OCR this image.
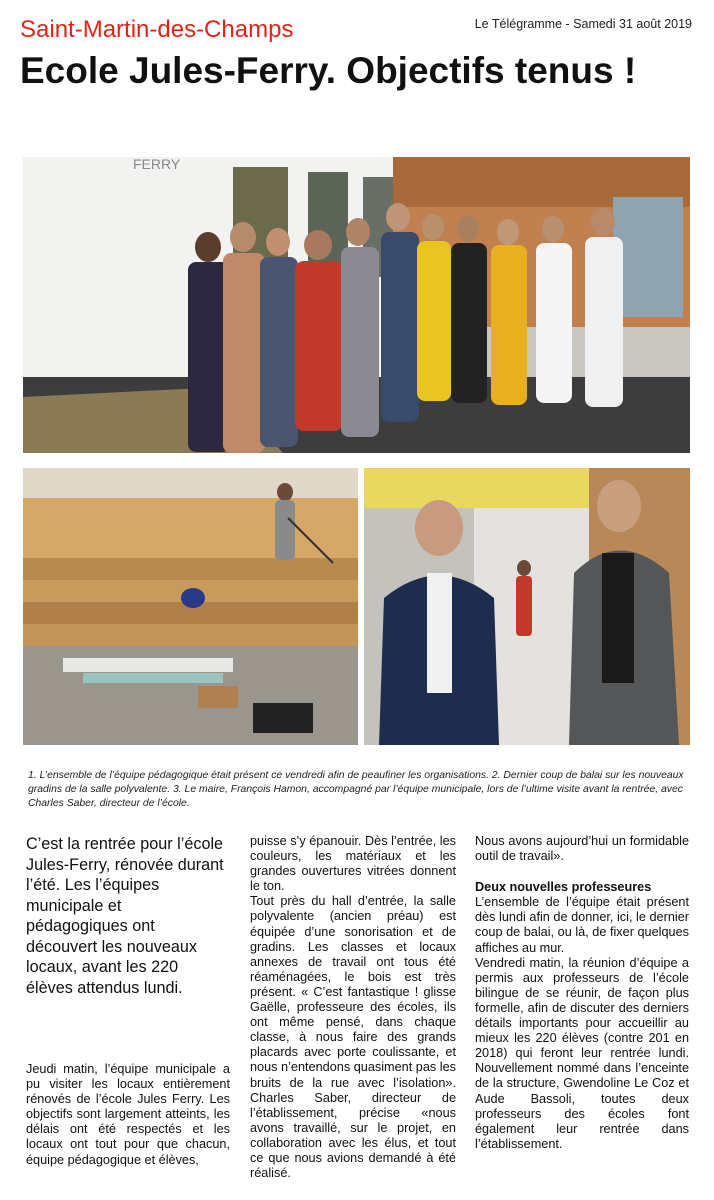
Saint-Martin-des-Champs	Le Télégramme - Samedi 31 août 2019
Ecole Jules-Ferry. Objectifs tenus !
FERRY

1. L’ensemble de l’équipe pédagogique était présent ce vendredi afin de peaufiner les organisations. 2. Dernier coup de balai sur les nouveaux gradins de la salle polyvalente. 3. Le maire, François Hamon, accompagné par l’équipe municipale, lors de l’ultime visite avant la rentrée, avec Charles Saber, directeur de l’école.

C’est la rentrée pour l’école Jules-Ferry, rénovée durant l’été. Les l’équipes municipale et pédagogiques ont découvert les nouveaux locaux, avant les 220 élèves attendus lundi.

Jeudi matin, l’équipe municipale a pu visiter les locaux entièrement rénovés de l’école Jules Ferry. Les objectifs sont largement atteints, les délais ont été respectés et les locaux ont tout pour que chacun, équipe pédagogique et élèves,

puisse s’y épanouir. Dès l’entrée, les couleurs, les matériaux et les grandes ouvertures vitrées donnent le ton.

Tout près du hall d’entrée, la salle polyvalente (ancien préau) est équipée d’une sonorisation et de gradins. Les classes et locaux annexes de travail ont tous été réaménagées, le bois est très présent. « C’est fantastique ! glisse Gaëlle, professeure des écoles, ils ont même pensé, dans chaque classe, à nous faire des grands placards avec porte coulissante, et nous n’entendons quasiment pas les bruits de la rue avec l’isolation». Charles Saber, directeur de l’établissement, précise «nous avons travaillé, sur le projet, en collaboration avec les élus, et tout ce que nous avions demandé à été réalisé.

Nous avons aujourd’hui un formidable outil de travail».

Deux nouvelles professeures

L’ensemble de l’équipe était présent dès lundi afin de donner, ici, le dernier coup de balai, ou là, de fixer quelques affiches au mur.

Vendredi matin, la réunion d’équipe a permis aux professeurs de l’école bilingue de se réunir, de façon plus formelle, afin de discuter des derniers détails importants pour accueillir au mieux les 220 élèves (contre 201 en 2018) qui feront leur rentrée lundi. Nouvellement nommé dans l’enceinte de la structure, Gwendoline Le Coz et Aude Bassoli, toutes deux professeurs des écoles font également leur rentrée dans l’établissement.
